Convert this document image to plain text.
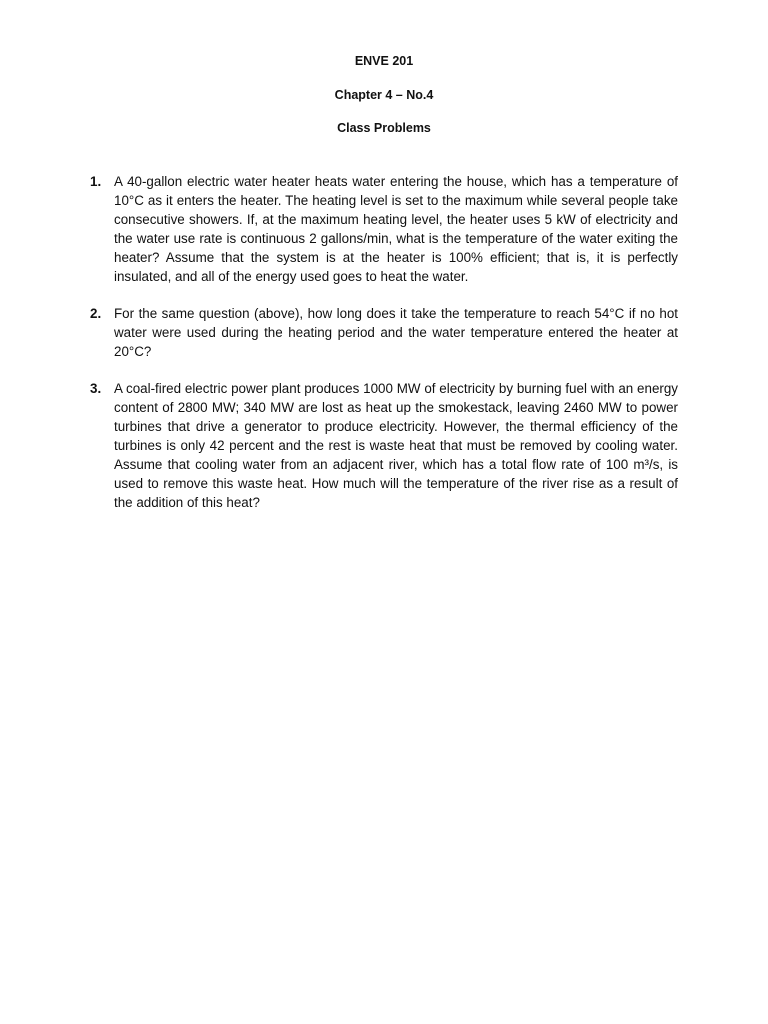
ENVE 201
Chapter 4 – No.4
Class Problems
1. A 40-gallon electric water heater heats water entering the house, which has a temperature of 10°C as it enters the heater. The heating level is set to the maximum while several people take consecutive showers. If, at the maximum heating level, the heater uses 5 kW of electricity and the water use rate is continuous 2 gallons/min, what is the temperature of the water exiting the heater? Assume that the system is at the heater is 100% efficient; that is, it is perfectly insulated, and all of the energy used goes to heat the water.
2. For the same question (above), how long does it take the temperature to reach 54°C if no hot water were used during the heating period and the water temperature entered the heater at 20°C?
3. A coal-fired electric power plant produces 1000 MW of electricity by burning fuel with an energy content of 2800 MW; 340 MW are lost as heat up the smokestack, leaving 2460 MW to power turbines that drive a generator to produce electricity. However, the thermal efficiency of the turbines is only 42 percent and the rest is waste heat that must be removed by cooling water. Assume that cooling water from an adjacent river, which has a total flow rate of 100 m³/s, is used to remove this waste heat. How much will the temperature of the river rise as a result of the addition of this heat?
